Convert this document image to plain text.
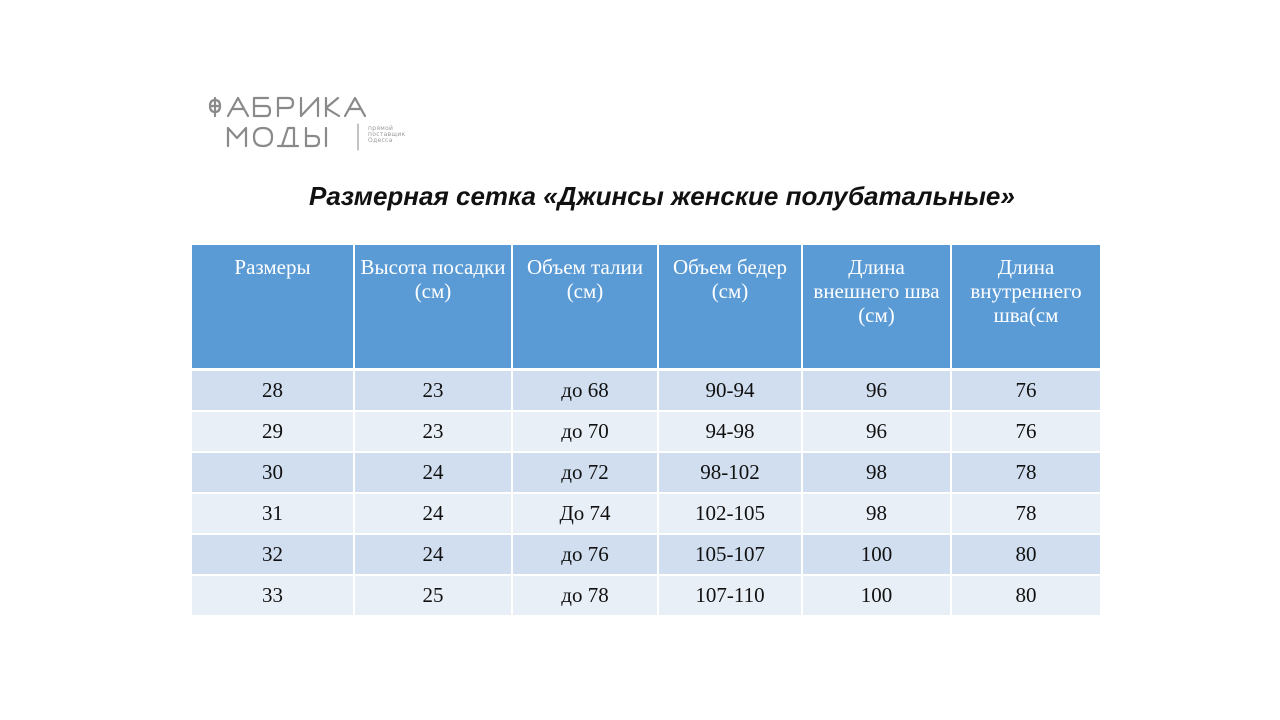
прямой
поставщик
Одесса
Размерная сетка «Джинсы женские полубатальные»
Размеры	Высота посадки (см)	Объем талии (см)	Объем бедер (см)	Длина внешнего шва (см)	Длина внутреннего шва(см
28	23	до 68	90-94	96	76
29	23	до 70	94-98	96	76
30	24	до 72	98-102	98	78
31	24	До 74	102-105	98	78
32	24	до 76	105-107	100	80
33	25	до 78	107-110	100	80
